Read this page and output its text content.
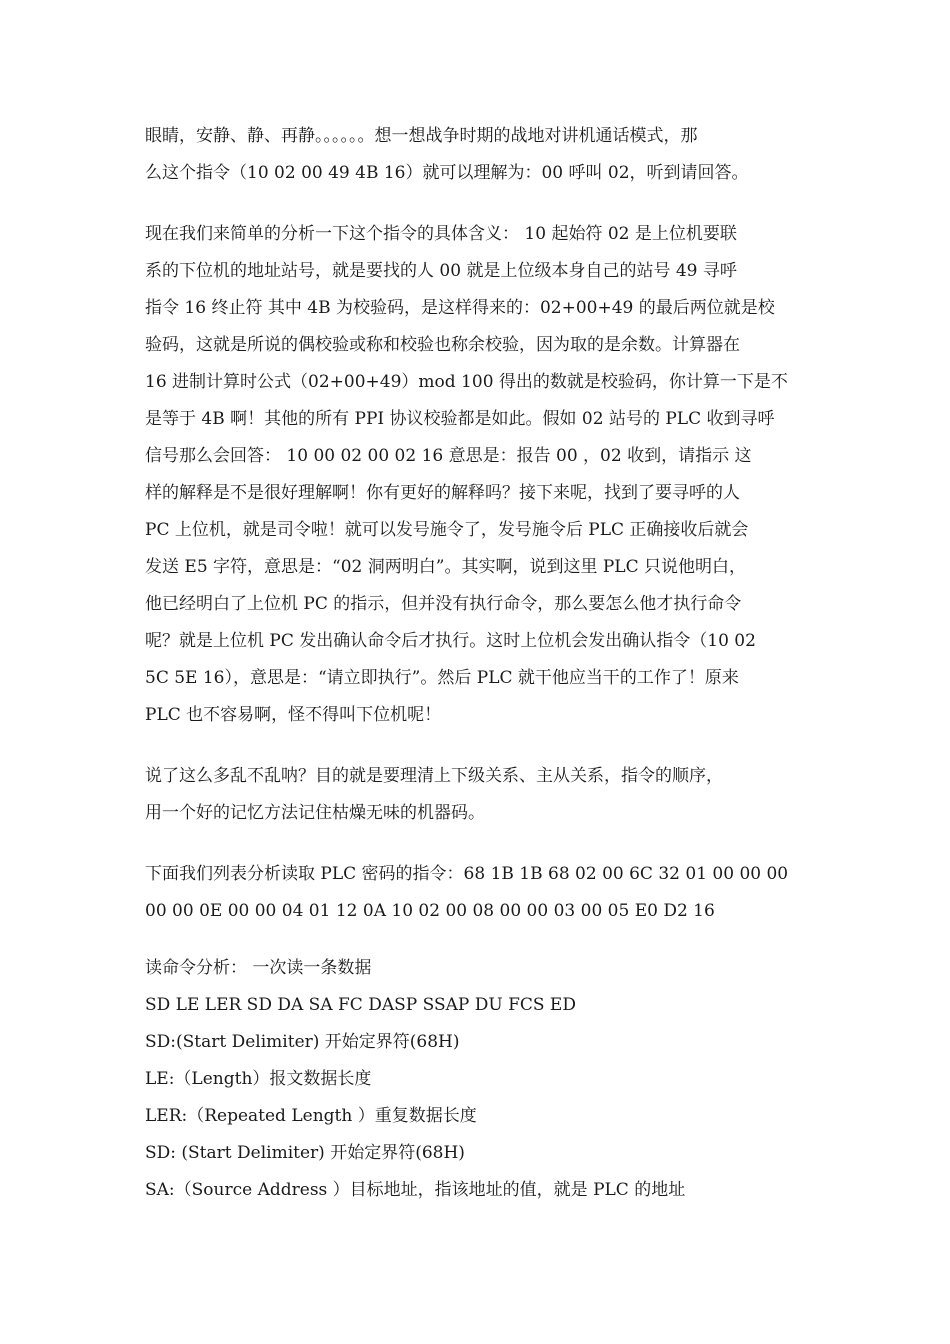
眼睛，安静、静、再静。。。。。。想一想战争时期的战地对讲机通话模式，那
么这个指令（10 02 00 49 4B 16）就可以理解为：00 呼叫 02，听到请回答。

现在我们来简单的分析一下这个指令的具体含义： 10 起始符 02 是上位机要联
系的下位机的地址站号，就是要找的人 00 就是上位级本身自己的站号 49 寻呼
指令 16 终止符 其中 4B 为校验码，是这样得来的：02+00+49 的最后两位就是校
验码，这就是所说的偶校验或称和校验也称余校验，因为取的是余数。计算器在
16 进制计算时公式（02+00+49）mod 100 得出的数就是校验码，你计算一下是不
是等于 4B 啊！其他的所有 PPI 协议校验都是如此。假如 02 站号的 PLC 收到寻呼
信号那么会回答： 10 00 02 00 02 16 意思是：报告 00 ，02 收到，请指示 这
样的解释是不是很好理解啊！你有更好的解释吗？接下来呢，找到了要寻呼的人
PC 上位机，就是司令啦！就可以发号施令了，发号施令后 PLC 正确接收后就会
发送 E5 字符，意思是：“02 洞两明白”。其实啊，说到这里 PLC 只说他明白，
他已经明白了上位机 PC 的指示，但并没有执行命令，那么要怎么他才执行命令
呢？就是上位机 PC 发出确认命令后才执行。这时上位机会发出确认指令（10 02
5C 5E 16），意思是：“请立即执行”。然后 PLC 就干他应当干的工作了！原来
PLC 也不容易啊，怪不得叫下位机呢！

说了这么多乱不乱呐？目的就是要理清上下级关系、主从关系，指令的顺序，
用一个好的记忆方法记住枯燥无味的机器码。

下面我们列表分析读取 PLC 密码的指令：68 1B 1B 68 02 00 6C 32 01 00 00 00
00 00 0E 00 00 04 01 12 0A 10 02 00 08 00 00 03 00 05 E0 D2 16

读命令分析： 一次读一条数据
SD LE LER SD DA SA FC DASP SSAP DU FCS ED
SD:(Start Delimiter) 开始定界符(68H)
LE:（Length）报文数据长度
LER:（Repeated Length ）重复数据长度
SD: (Start Delimiter) 开始定界符(68H)
SA:（Source Address ）目标地址，指该地址的值，就是 PLC 的地址
